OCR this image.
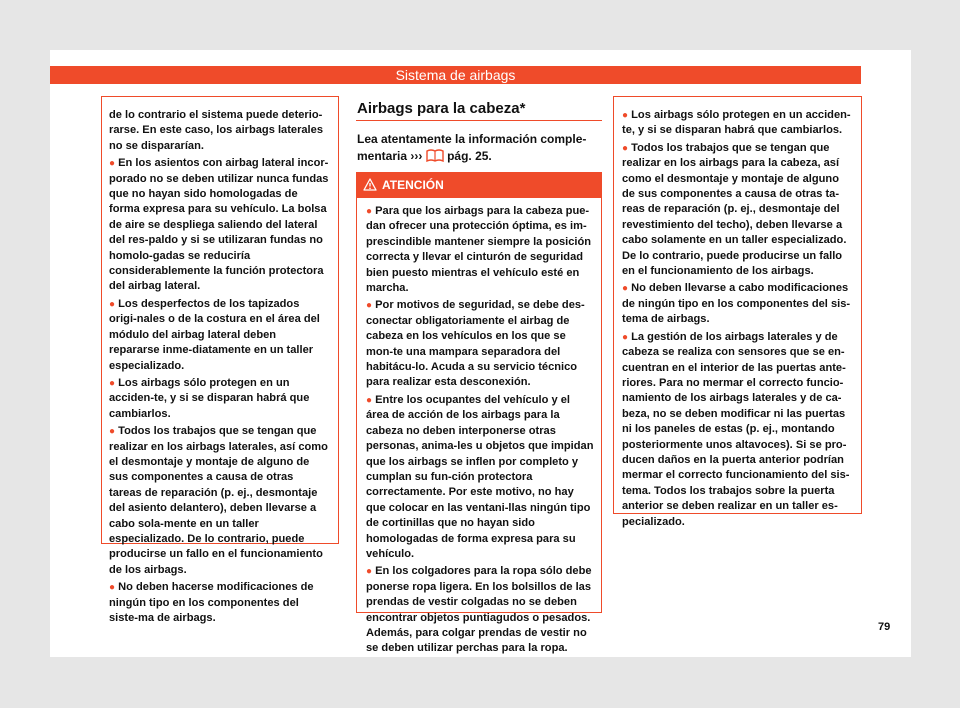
Sistema de airbags

de lo contrario el sistema puede deterio-rarse. En este caso, los airbags laterales no se dispararían.

● En los asientos con airbag lateral incor-porado no se deben utilizar nunca fundas que no hayan sido homologadas de forma expresa para su vehículo. La bolsa de aire se despliega saliendo del lateral del res-paldo y si se utilizaran fundas no homolo-gadas se reduciría considerablemente la función protectora del airbag lateral.

● Los desperfectos de los tapizados origi-nales o de la costura en el área del módulo del airbag lateral deben repararse inme-diatamente en un taller especializado.

● Los airbags sólo protegen en un acciden-te, y si se disparan habrá que cambiarlos.

● Todos los trabajos que se tengan que realizar en los airbags laterales, así como el desmontaje y montaje de alguno de sus componentes a causa de otras tareas de reparación (p. ej., desmontaje del asiento delantero), deben llevarse a cabo sola-mente en un taller especializado. De lo contrario, puede producirse un fallo en el funcionamiento de los airbags.

● No deben hacerse modificaciones de ningún tipo en los componentes del siste-ma de airbags.

Airbags para la cabeza*
Lea atentamente la información comple-mentaria ››› pág. 25.
ATENCIÓN

● Para que los airbags para la cabeza pue-dan ofrecer una protección óptima, es im-prescindible mantener siempre la posición correcta y llevar el cinturón de seguridad bien puesto mientras el vehículo esté en marcha.

● Por motivos de seguridad, se debe des-conectar obligatoriamente el airbag de cabeza en los vehículos en los que se mon-te una mampara separadora del habitácu-lo. Acuda a su servicio técnico para realizar esta desconexión.

● Entre los ocupantes del vehículo y el área de acción de los airbags para la cabeza no deben interponerse otras personas, anima-les u objetos que impidan que los airbags se inflen por completo y cumplan su fun-ción protectora correctamente. Por este motivo, no hay que colocar en las ventani-llas ningún tipo de cortinillas que no hayan sido homologadas de forma expresa para su vehículo.

● En los colgadores para la ropa sólo debe ponerse ropa ligera. En los bolsillos de las prendas de vestir colgadas no se deben encontrar objetos puntiagudos o pesados. Además, para colgar prendas de vestir no se deben utilizar perchas para la ropa.

● Los airbags sólo protegen en un acciden-te, y si se disparan habrá que cambiarlos.

● Todos los trabajos que se tengan que realizar en los airbags para la cabeza, así como el desmontaje y montaje de alguno de sus componentes a causa de otras ta-reas de reparación (p. ej., desmontaje del revestimiento del techo), deben llevarse a cabo solamente en un taller especializado. De lo contrario, puede producirse un fallo en el funcionamiento de los airbags.

● No deben llevarse a cabo modificaciones de ningún tipo en los componentes del sis-tema de airbags.

● La gestión de los airbags laterales y de cabeza se realiza con sensores que se en-cuentran en el interior de las puertas ante-riores. Para no mermar el correcto funcio-namiento de los airbags laterales y de ca-beza, no se deben modificar ni las puertas ni los paneles de estas (p. ej., montando posteriormente unos altavoces). Si se pro-ducen daños en la puerta anterior podrían mermar el correcto funcionamiento del sis-tema. Todos los trabajos sobre la puerta anterior se deben realizar en un taller es-pecializado.

79
